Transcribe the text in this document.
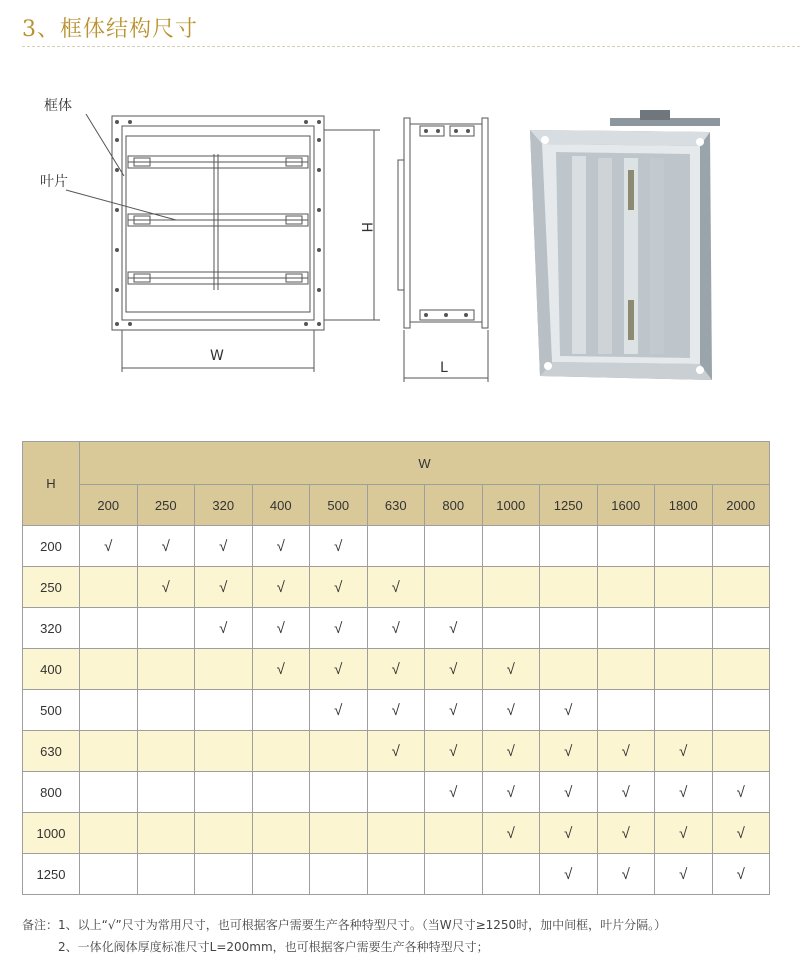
3、框体结构尺寸
框体
叶片
H
W
L
H	W											
	200	250	320	400	500	630	800	1000	1250	1600	1800	2000
200	√	√	√	√	√							
250		√	√	√	√	√						
320			√	√	√	√	√					
400				√	√	√	√	√				
500					√	√	√	√	√			
630						√	√	√	√	√	√	
800							√	√	√	√	√	√
1000								√	√	√	√	√
1250									√	√	√	√
备注：1、以上“√”尺寸为常用尺寸，也可根据客户需要生产各种特型尺寸。（当W尺寸≥1250时，加中间框，叶片分隔。）
2、一体化阀体厚度标准尺寸L=200mm，也可根据客户需要生产各种特型尺寸；
